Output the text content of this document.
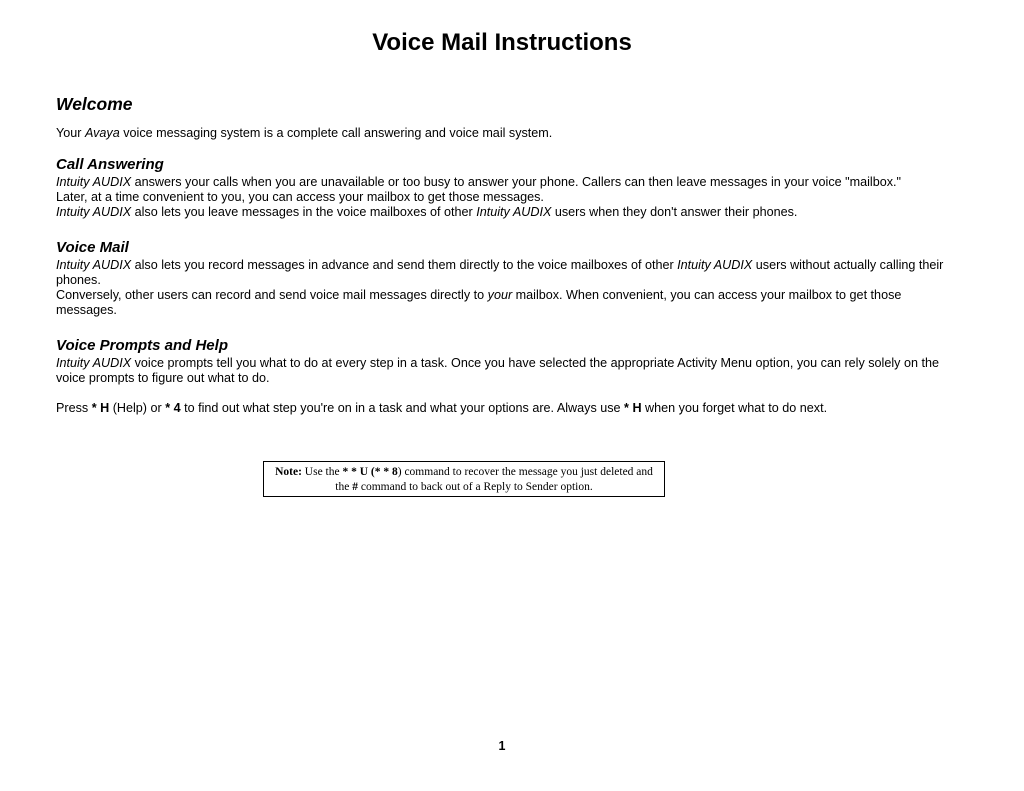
Voice Mail Instructions
Welcome
Your Avaya voice messaging system is a complete call answering and voice mail system.
Call Answering
Intuity AUDIX answers your calls when you are unavailable or too busy to answer your phone. Callers can then leave messages in your voice "mailbox."
Later, at a time convenient to you, you can access your mailbox to get those messages.
Intuity AUDIX also lets you leave messages in the voice mailboxes of other Intuity AUDIX users when they don't answer their phones.
Voice Mail
Intuity AUDIX also lets you record messages in advance and send them directly to the voice mailboxes of other Intuity AUDIX users without actually calling their phones.
Conversely, other users can record and send voice mail messages directly to your mailbox. When convenient, you can access your mailbox to get those messages.
Voice Prompts and Help
Intuity AUDIX voice prompts tell you what to do at every step in a task. Once you have selected the appropriate Activity Menu option, you can rely solely on the voice prompts to figure out what to do.
Press * H (Help) or * 4 to find out what step you're on in a task and what your options are. Always use * H when you forget what to do next.
Note: Use the * * U (* * 8) command to recover the message you just deleted and
the # command to back out of a Reply to Sender option.
1
